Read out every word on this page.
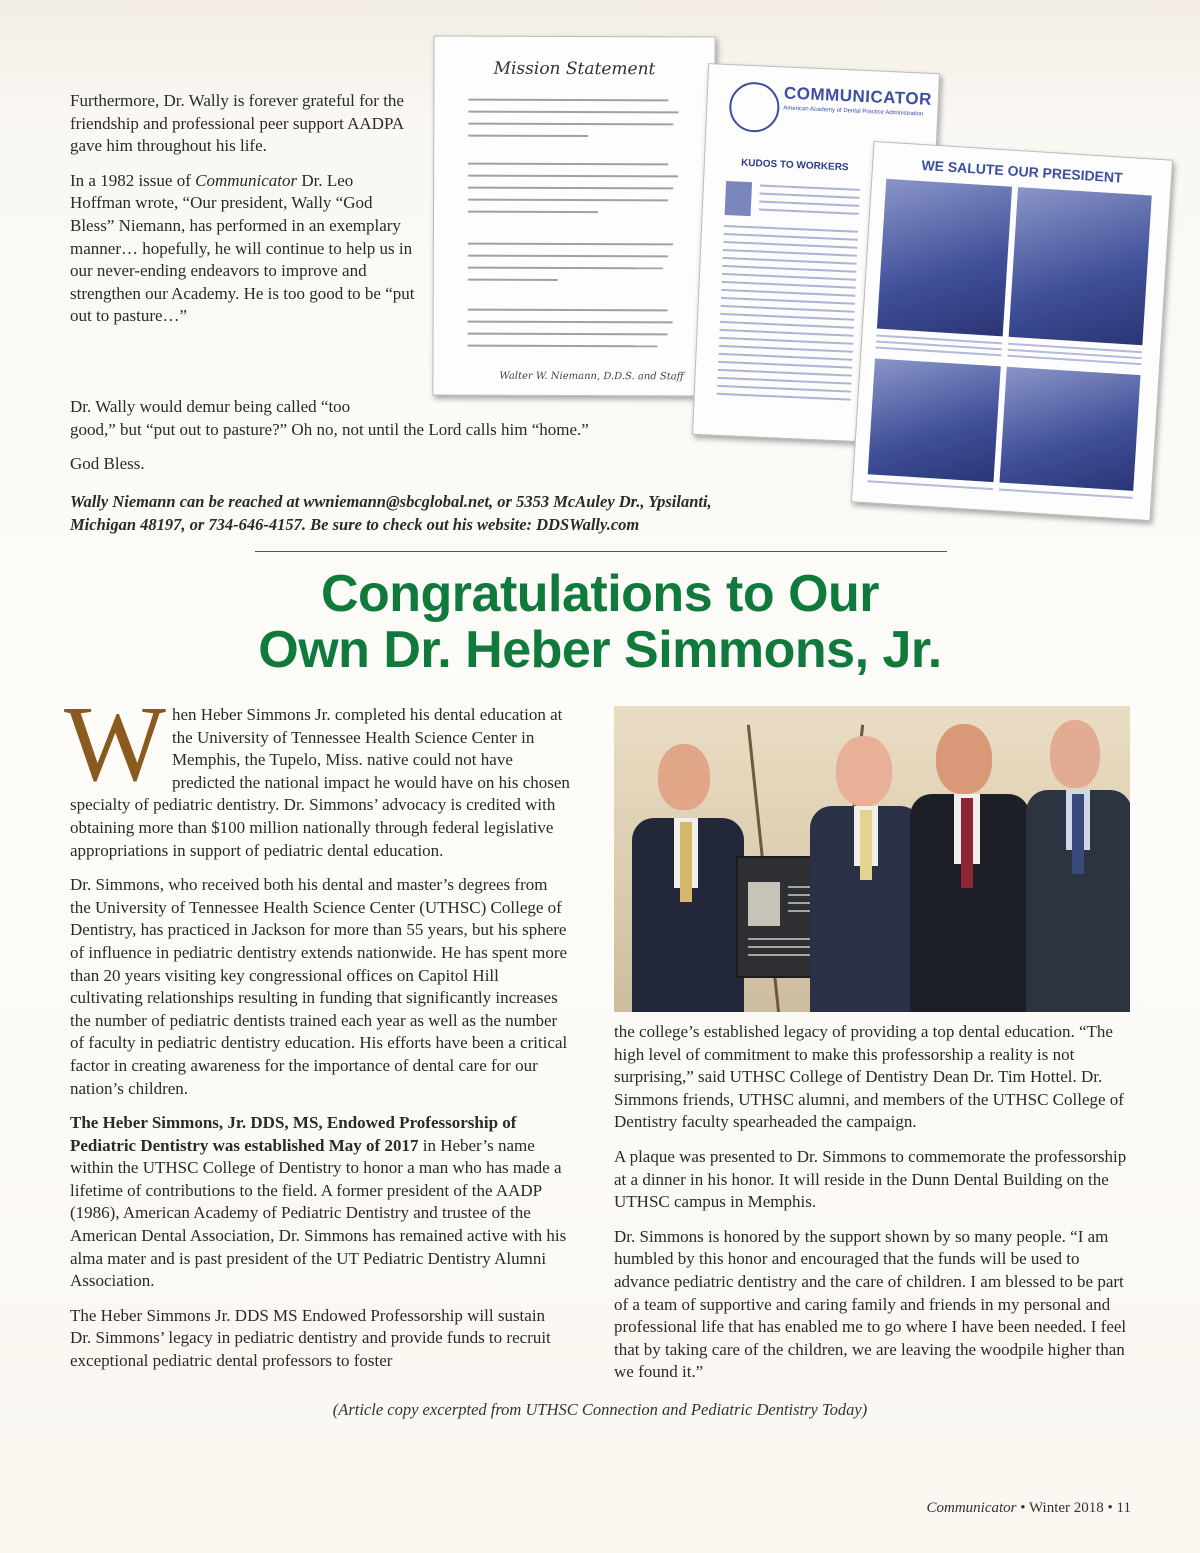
Furthermore, Dr. Wally is forever grateful for the friendship and professional peer support AADPA gave him throughout his life.

In a 1982 issue of Communicator Dr. Leo Hoffman wrote, “Our president, Wally “God Bless” Niemann, has performed in an exemplary manner… hopefully, he will continue to help us in our never-ending endeavors to improve and strengthen our Academy. He is too good to be “put out to pasture…”

Dr. Wally would demur being called “too

good,” but “put out to pasture?” Oh no, not until the Lord calls him “home.”

God Bless.

Wally Niemann can be reached at wwniemann@sbcglobal.net, or 5353 McAuley Dr., Ypsilanti,

Michigan 48197, or 734-646-4157. Be sure to check out his website: DDSWally.com

Mission Statement
Walter W. Niemann, D.D.S. and Staff
COMMUNICATOR
American Academy of Dental Practice Administration
KUDOS TO WORKERS	WE SALUTE OUR PRESIDENT
Congratulations to Our
Own Dr. Heber Simmons, Jr.

When Heber Simmons Jr. completed his dental education at the University of Tennessee Health Science Center in Memphis, the Tupelo, Miss. native could not have predicted the national impact he would have on his chosen specialty of pediatric dentistry. Dr. Simmons’ advocacy is credited with obtaining more than $100 million nationally through federal legislative appropriations in support of pediatric dental education.

Dr. Simmons, who received both his dental and master’s degrees from the University of Tennessee Health Science Center (UTHSC) College of Dentistry, has practiced in Jackson for more than 55 years, but his sphere of influence in pediatric dentistry extends nationwide. He has spent more than 20 years visiting key congressional offices on Capitol Hill cultivating relationships resulting in funding that significantly increases the number of pediatric dentists trained each year as well as the number of faculty in pediatric dentistry education. His efforts have been a critical factor in creating awareness for the importance of dental care for our nation’s children.

The Heber Simmons, Jr. DDS, MS, Endowed Professorship of Pediatric Dentistry was established May of 2017 in Heber’s name within the UTHSC College of Dentistry to honor a man who has made a lifetime of contributions to the field. A former president of the AADP (1986), American Academy of Pediatric Dentistry and trustee of the American Dental Association, Dr. Simmons has remained active with his alma mater and is past president of the UT Pediatric Dentistry Alumni Association.

The Heber Simmons Jr. DDS MS Endowed Professorship will sustain Dr. Simmons’ legacy in pediatric dentistry and provide funds to recruit exceptional pediatric dental professors to foster

the college’s established legacy of providing a top dental education. “The high level of commitment to make this professorship a reality is not surprising,” said UTHSC College of Dentistry Dean Dr. Tim Hottel. Dr. Simmons friends, UTHSC alumni, and members of the UTHSC College of Dentistry faculty spearheaded the campaign.

A plaque was presented to Dr. Simmons to commemorate the professorship at a dinner in his honor. It will reside in the Dunn Dental Building on the UTHSC campus in Memphis.

Dr. Simmons is honored by the support shown by so many people. “I am humbled by this honor and encouraged that the funds will be used to advance pediatric dentistry and the care of children. I am blessed to be part of a team of supportive and caring family and friends in my personal and professional life that has enabled me to go where I have been needed. I feel that by taking care of the children, we are leaving the woodpile higher than we found it.”

(Article copy excerpted from UTHSC Connection and Pediatric Dentistry Today)
Communicator • Winter 2018 • 11
